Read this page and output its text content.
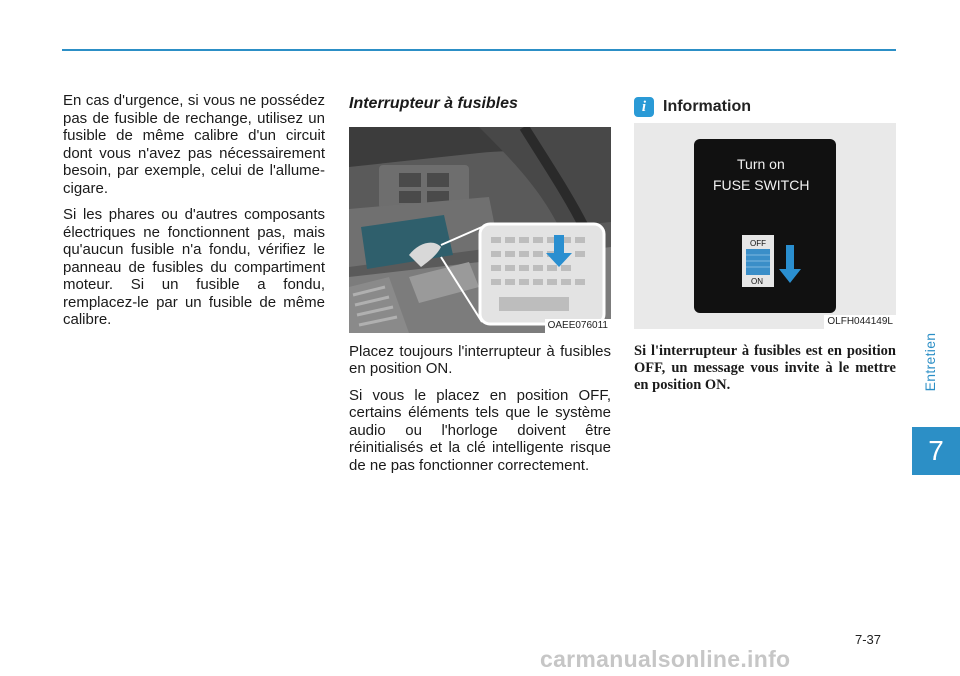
En cas d'urgence, si vous ne possédez pas de fusible de rechange, utilisez un fusible de même calibre d'un circuit dont vous n'avez pas nécessairement besoin, par exemple, celui de l'allume-cigare.

Si les phares ou d'autres composants électriques ne fonctionnent pas, mais qu'aucun fusible n'a fondu, vérifiez le panneau de fusibles du compartiment moteur. Si un fusible a fondu, remplacez-le par un fusible de même calibre.

Interrupteur à fusibles
OAEE076011

Placez toujours l'interrupteur à fusibles en position ON.

Si vous le placez en position OFF, certains éléments tels que le système audio ou l'horloge doivent être réinitialisés et la clé intelligente risque de ne pas fonctionner correctement.

i	Information
Turn on
FUSE SWITCH
OFF
ON
OLFH044149L
Si l'interrupteur à fusibles est en position OFF, un message vous invite à le mettre en position ON.	Entretien
7
7-37
carmanualsonline.info
